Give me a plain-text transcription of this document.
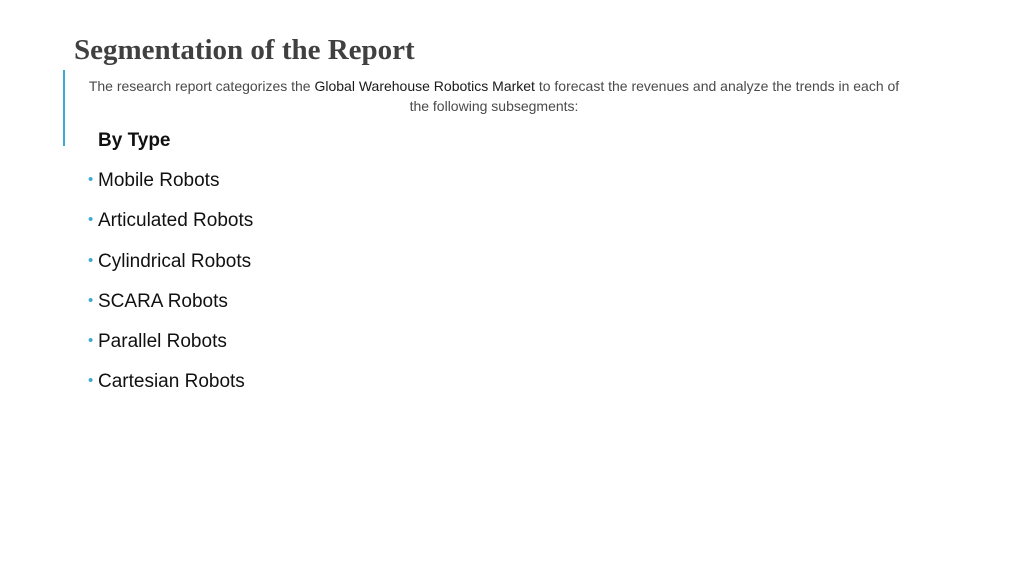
Segmentation of the Report

The research report categorizes the Global Warehouse Robotics Market to forecast the revenues and analyze the trends in each of the following subsegments:

By Type
• Mobile Robots
• Articulated Robots
• Cylindrical Robots
• SCARA Robots
• Parallel Robots
• Cartesian Robots
